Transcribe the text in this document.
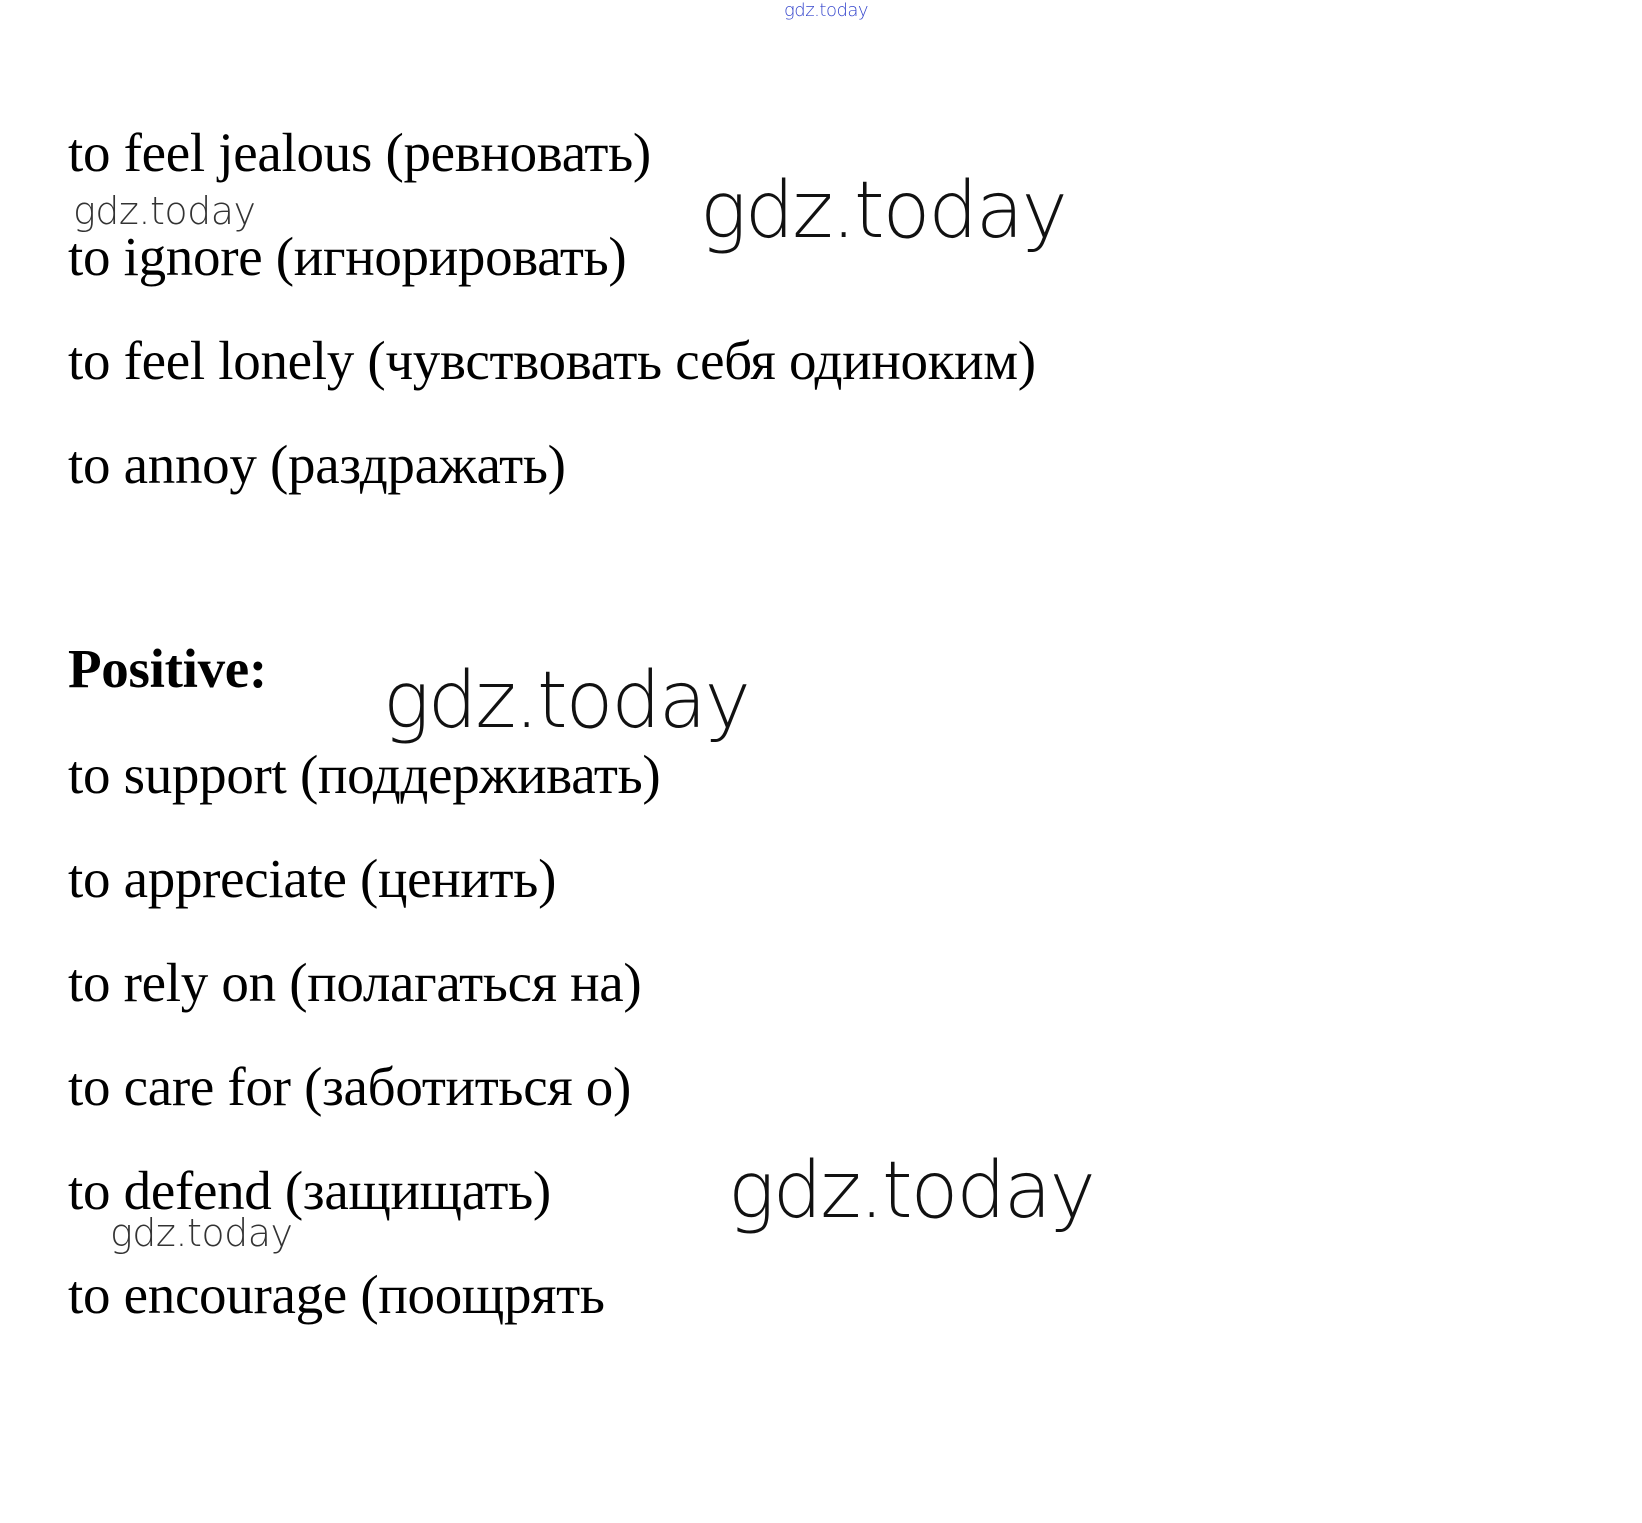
gdz.today
to feel jealous (ревновать)
gdz.today	gdz.today
to ignore (игнорировать)
to feel lonely (чувствовать себя одиноким)
to annoy (раздражать)
Positive: gdz.today
to support (поддерживать)
to appreciate (ценить)
to rely on (полагаться на)
to care for (заботиться о)
to defend (защищать)
gdz.today	gdz.today
to encourage (поощрять
